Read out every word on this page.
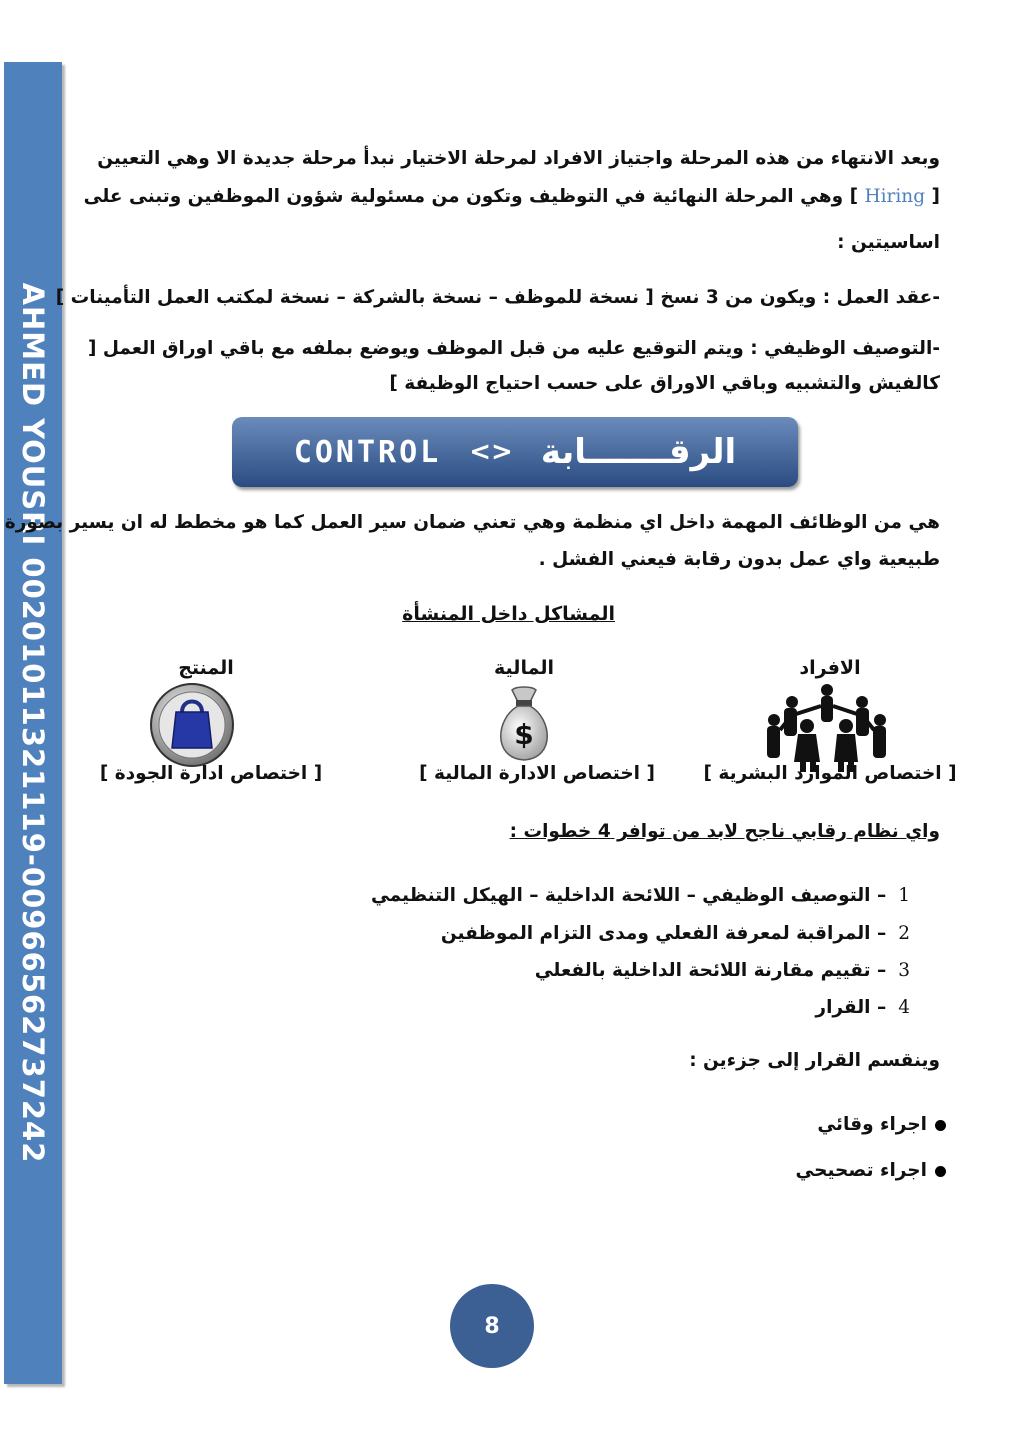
AHMED YOUSRI 00201011321119-00966562737242
وبعد الانتهاء من هذه المرحلة واجتياز الافراد لمرحلة الاختيار نبدأ مرحلة جديدة الا وهي التعيين
[ Hiring ] وهي المرحلة النهائية في التوظيف وتكون من مسئولية شؤون الموظفين وتبنى على
اساسيتين :
-عقد العمل : ويكون من 3 نسخ [ نسخة للموظف – نسخة بالشركة – نسخة لمكتب العمل التأمينات ]
-التوصيف الوظيفي : ويتم التوقيع عليه من قبل الموظف ويوضع بملفه مع باقي اوراق العمل [
كالفيش والتشبيه وباقي الاوراق على حسب احتياج الوظيفة ]
CONTROL <> الرقـــــــابة
هي من الوظائف المهمة داخل اي منظمة وهي تعني ضمان سير العمل كما هو مخطط له ان يسير بصورة
طبيعية واي عمل بدون رقابة فيعني الفشل .
المشاكل داخل المنشأة
الافراد
المالية
المنتج
$
[ اختصاص الموارد البشرية ]
[ اختصاص الادارة المالية ]
[ اختصاص ادارة الجودة ]
واي نظام رقابي ناجح لابد من توافر 4 خطوات :
1– التوصيف الوظيفي – اللائحة الداخلية – الهيكل التنظيمي
2– المراقبة لمعرفة الفعلي ومدى التزام الموظفين
3– تقييم مقارنة اللائحة الداخلية بالفعلي
4– القرار
وينقسم القرار إلى جزءين :
اجراء وقائي
اجراء تصحيحي
8
